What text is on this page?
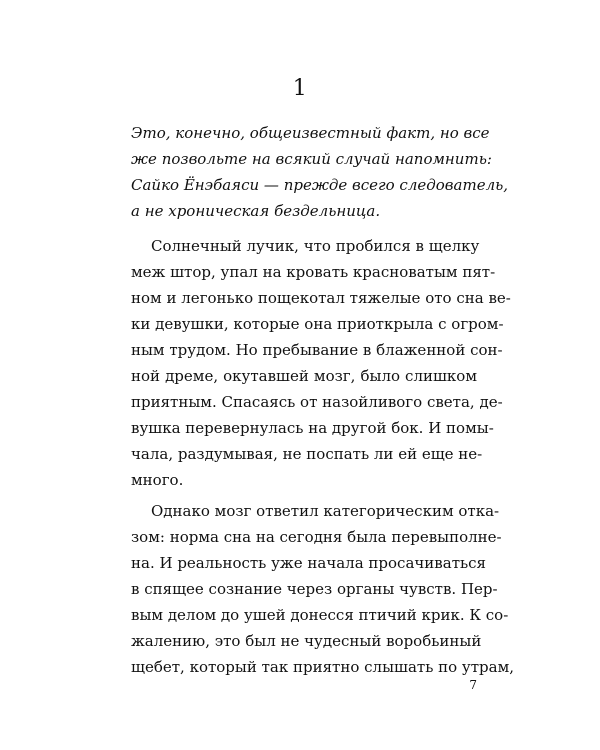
1
Это, конечно, общеизвестный факт, но все
же позвольте на всякий случай напомнить:
Сайко Ёнэбаяси — прежде всего следователь,
а не хроническая бездельница.

Солнечный лучик, что пробился в щелку
меж штор, упал на кровать красноватым пят-
ном и легонько пощекотал тяжелые ото сна ве-
ки девушки, которые она приоткрыла с огром-
ным трудом. Но пребывание в блаженной сон-
ной дреме, окутавшей мозг, было слишком
приятным. Спасаясь от назойливого света, де-
вушка перевернулась на другой бок. И помы-
чала, раздумывая, не поспать ли ей еще не-
много.

Однако мозг ответил категорическим отка-
зом: норма сна на сегодня была перевыполне-
на. И реальность уже начала просачиваться
в спящее сознание через органы чувств. Пер-
вым делом до ушей донесся птичий крик. К со-
жалению, это был не чудесный воробьиный
щебет, который так приятно слышать по утрам,

7
